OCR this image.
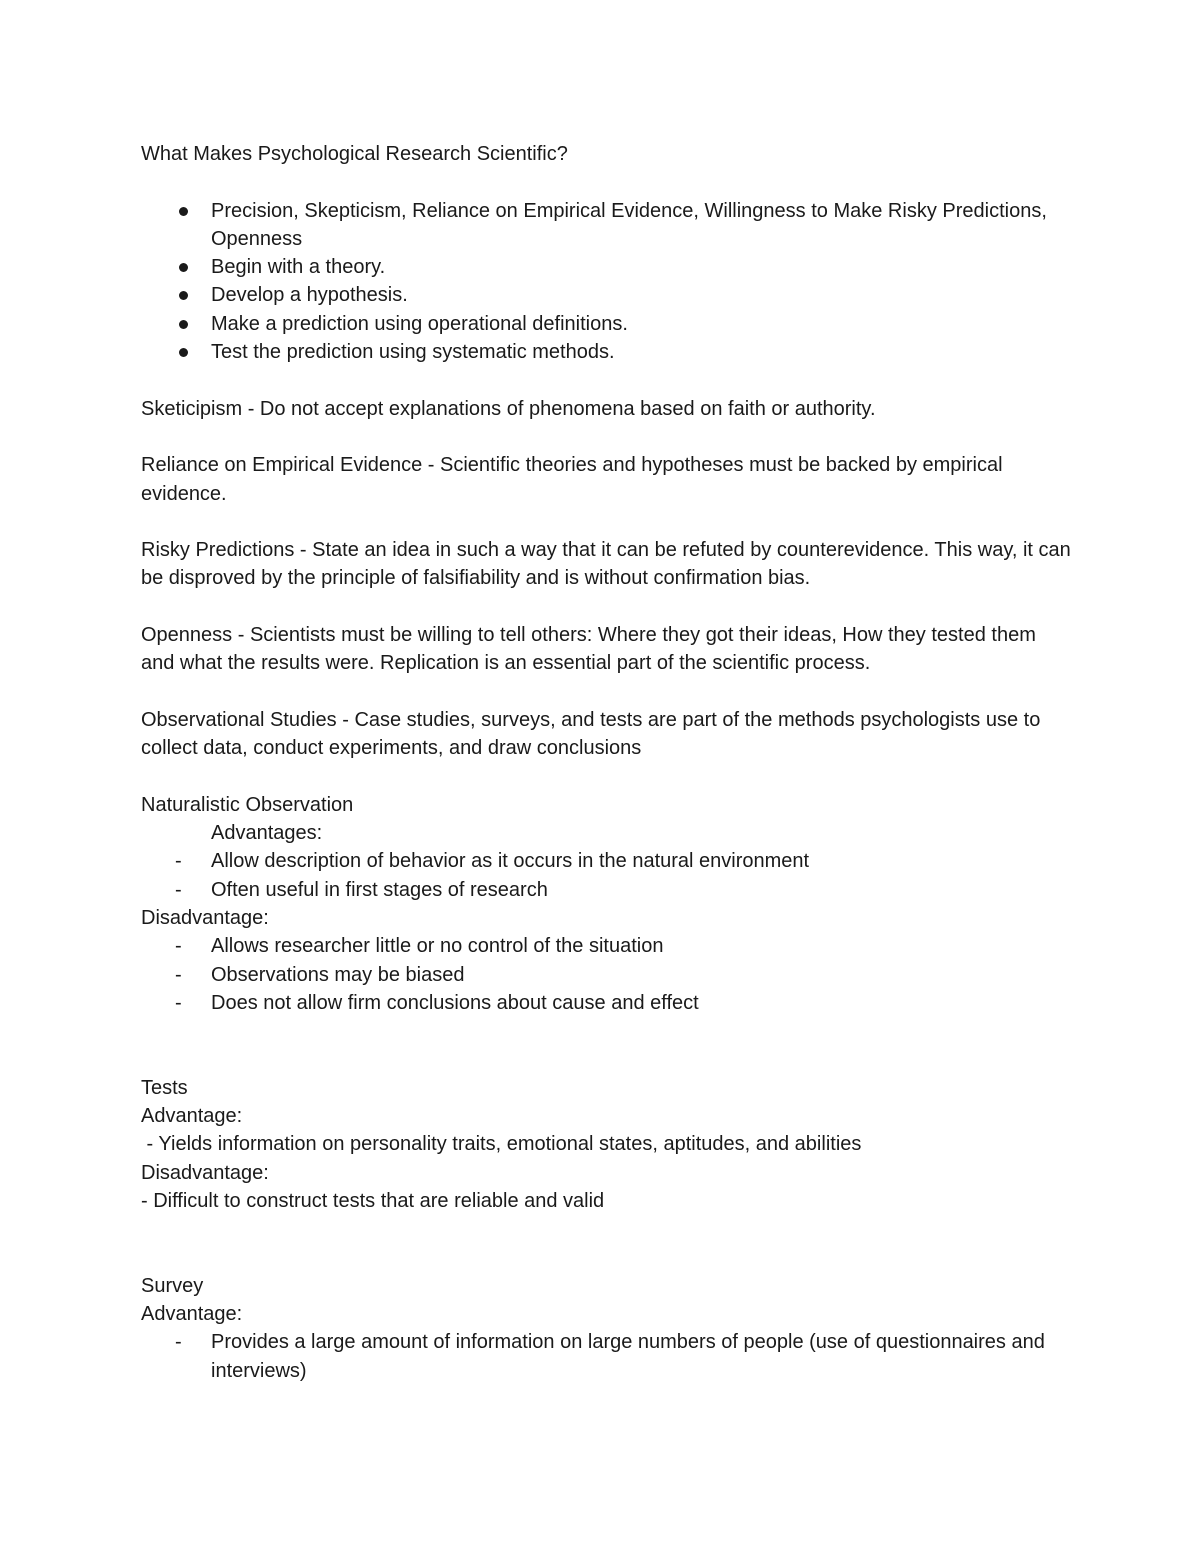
What Makes Psychological Research Scientific?

Precision, Skepticism, Reliance on Empirical Evidence, Willingness to Make Risky Predictions, Openness
Begin with a theory.
Develop a hypothesis.
Make a prediction using operational definitions.
Test the prediction using systematic methods.

Sketicipism - Do not accept explanations of phenomena based on faith or authority.

Reliance on Empirical Evidence - Scientific theories and hypotheses must be backed by empirical evidence.

Risky Predictions - State an idea in such a way that it can be refuted by counterevidence. This way, it can be disproved by the principle of falsifiability and is without confirmation bias.

Openness - Scientists must be willing to tell others: Where they got their ideas, How they tested them and what the results were. Replication is an essential part of the scientific process.

Observational Studies - Case studies, surveys, and tests are part of the methods psychologists use to collect data, conduct experiments, and draw conclusions

Naturalistic Observation

Advantages:

- Allow description of behavior as it occurs in the natural environment
- Often useful in first stages of research

Disadvantage:

- Allows researcher little or no control of the situation
- Observations may be biased
- Does not allow firm conclusions about cause and effect

Tests

Advantage:

- Yields information on personality traits, emotional states, aptitudes, and abilities

Disadvantage:

- Difficult to construct tests that are reliable and valid

Survey

Advantage:

- Provides a large amount of information on large numbers of people (use of questionnaires and interviews)
